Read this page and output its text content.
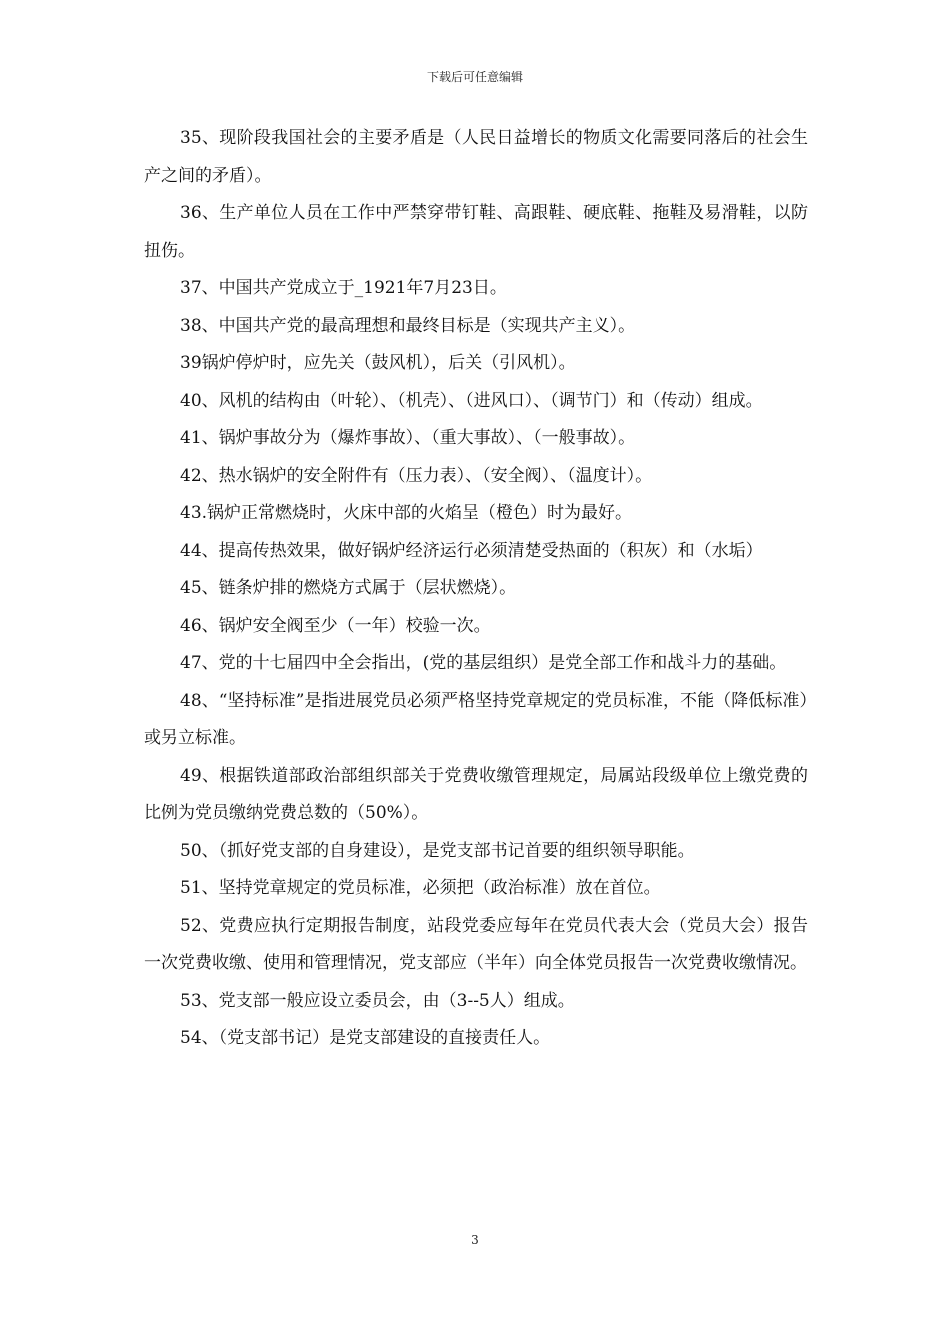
下载后可任意编辑

35、现阶段我国社会的主要矛盾是（人民日益增长的物质文化需要同落后的社会生产之间的矛盾）。

36、生产单位人员在工作中严禁穿带钉鞋、高跟鞋、硬底鞋、拖鞋及易滑鞋，以防扭伤。

37、中国共产党成立于_1921年7月23日。

38、中国共产党的最高理想和最终目标是（实现共产主义）。

39锅炉停炉时，应先关（鼓风机），后关（引风机）。

40、风机的结构由（叶轮）、（机壳）、（进风口）、（调节门）和（传动）组成。

41、锅炉事故分为（爆炸事故）、（重大事故）、（一般事故）。

42、热水锅炉的安全附件有（压力表）、（安全阀）、（温度计）。

43.锅炉正常燃烧时，火床中部的火焰呈（橙色）时为最好。

44、提高传热效果，做好锅炉经济运行必须清楚受热面的（积灰）和（水垢）

45、链条炉排的燃烧方式属于（层状燃烧）。

46、锅炉安全阀至少（一年）校验一次。

47、党的十七届四中全会指出，(党的基层组织）是党全部工作和战斗力的基础。

48、“坚持标准”是指进展党员必须严格坚持党章规定的党员标准，不能（降低标准）或另立标准。

49、根据铁道部政治部组织部关于党费收缴管理规定，局属站段级单位上缴党费的比例为党员缴纳党费总数的（50%）。

50、（抓好党支部的自身建设），是党支部书记首要的组织领导职能。

51、坚持党章规定的党员标准，必须把（政治标准）放在首位。

52、党费应执行定期报告制度，站段党委应每年在党员代表大会（党员大会）报告一次党费收缴、使用和管理情况，党支部应（半年）向全体党员报告一次党费收缴情况。

53、党支部一般应设立委员会，由（3--5人）组成。

54、（党支部书记）是党支部建设的直接责任人。

3
